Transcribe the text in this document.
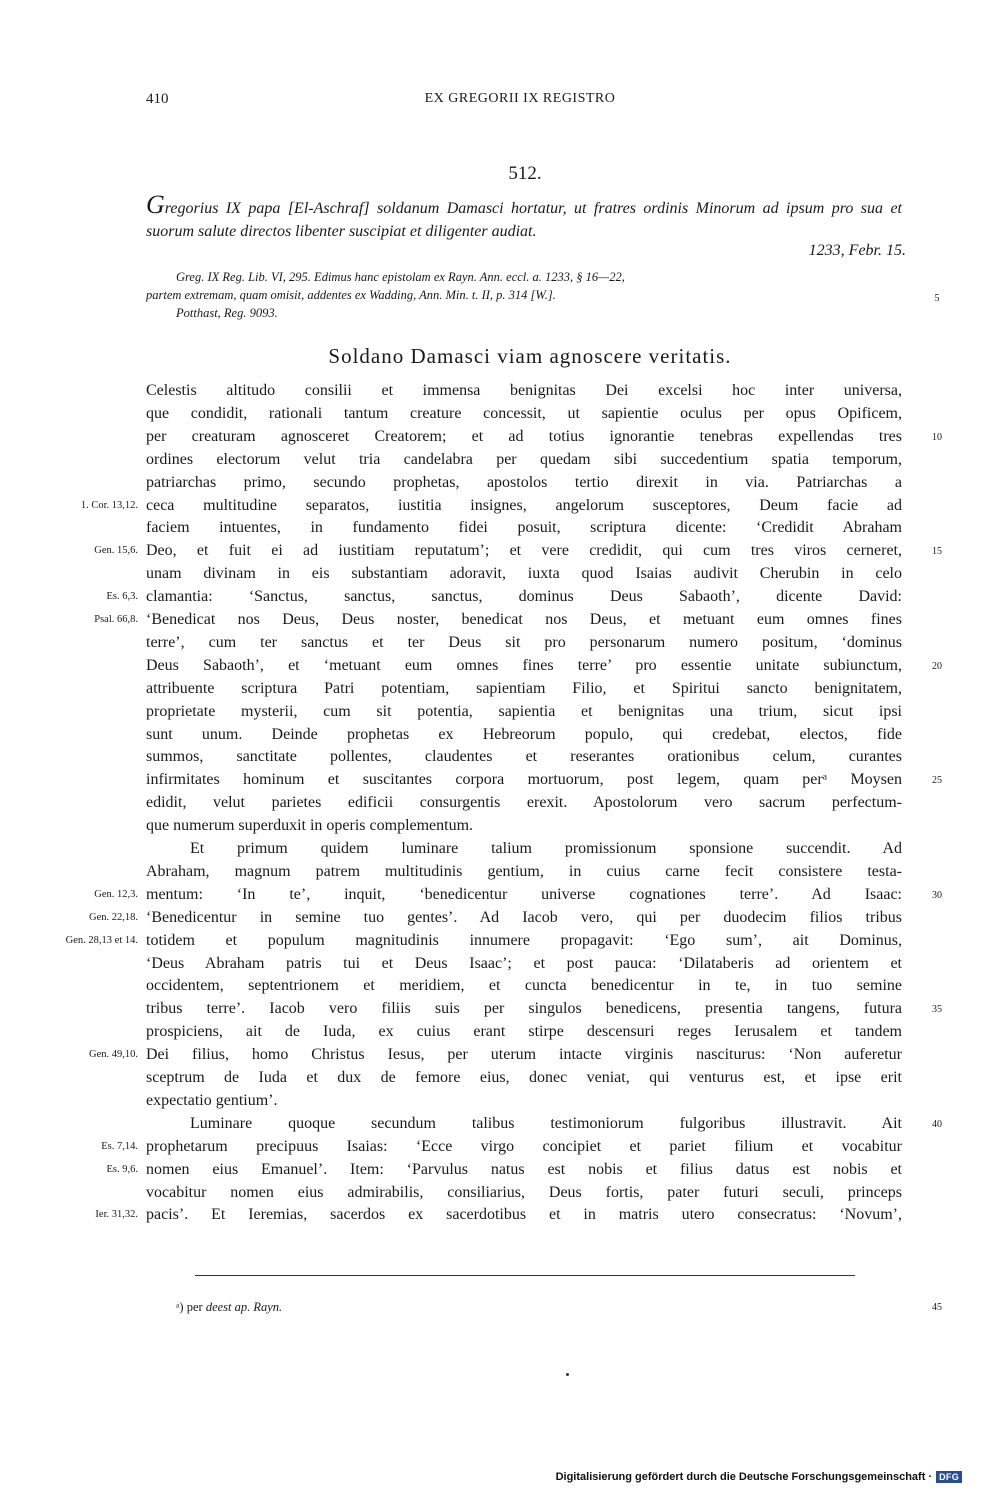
410	EX GREGORII IX REGISTRO
512.
Gregorius IX papa [El-Aschraf] soldanum Damasci hortatur, ut fratres ordinis Minorum ad ipsum pro sua et suorum salute directos libenter suscipiat et diligenter audiat.
1233, Febr. 15.
Greg. IX Reg. Lib. VI, 295. Edimus hanc epistolam ex Rayn. Ann. eccl. a. 1233, § 16—22,
partem extremam, quam omisit, addentes ex Wadding, Ann. Min. t. II, p. 314 [W.].
Potthast, Reg. 9093.
5
Soldano Damasci viam agnoscere veritatis.
Celestis altitudo consilii et immensa benignitas Dei excelsi hoc inter universa,
que condidit, rationali tantum creature concessit, ut sapientie oculus per opus Opificem,
per creaturam agnosceret Creatorem; et ad totius ignorantie tenebras expellendas tres	10
ordines electorum velut tria candelabra per quedam sibi succedentium spatia temporum,
patriarchas primo, secundo prophetas, apostolos tertio direxit in via. Patriarchas a
ceca multitudine separatos, iustitia insignes, angelorum susceptores, Deum facie ad
1. Cor. 13,12.
faciem intuentes, in fundamento fidei posuit, scriptura dicente: ‘Credidit Abraham
Deo, et fuit ei ad iustitiam reputatum’; et vere credidit, qui cum tres viros cerneret,
Gen. 15,6.	15
unam divinam in eis substantiam adoravit, iuxta quod Isaias audivit Cherubin in celo
clamantia: ‘Sanctus, sanctus, sanctus, dominus Deus Sabaoth’, dicente David:
Es. 6,3.
‘Benedicat nos Deus, Deus noster, benedicat nos Deus, et metuant eum omnes fines
Psal. 66,8.
terre’, cum ter sanctus et ter Deus sit pro personarum numero positum, ‘dominus
Deus Sabaoth’, et ‘metuant eum omnes fines terre’ pro essentie unitate subiunctum,	20
attribuente scriptura Patri potentiam, sapientiam Filio, et Spiritui sancto benignitatem,
proprietate mysterii, cum sit potentia, sapientia et benignitas una trium, sicut ipsi
sunt unum. Deinde prophetas ex Hebreorum populo, qui credebat, electos, fide
summos, sanctitate pollentes, claudentes et reserantes orationibus celum, curantes
infirmitates hominum et suscitantes corpora mortuorum, post legem, quam perᵃ Moysen	25
edidit, velut parietes edificii consurgentis erexit. Apostolorum vero sacrum perfectum-
que numerum superduxit in operis complementum.
Et primum quidem luminare talium promissionum sponsione succendit. Ad
Abraham, magnum patrem multitudinis gentium, in cuius carne fecit consistere testa-
mentum: ‘In te’, inquit, ‘benedicentur universe cognationes terre’. Ad Isaac:
Gen. 12,3.	30
‘Benedicentur in semine tuo gentes’. Ad Iacob vero, qui per duodecim filios tribus
Gen. 22,18.
totidem et populum magnitudinis innumere propagavit: ‘Ego sum’, ait Dominus,
Gen. 28,13 et 14.
‘Deus Abraham patris tui et Deus Isaac’; et post pauca: ‘Dilataberis ad orientem et
occidentem, septentrionem et meridiem, et cuncta benedicentur in te, in tuo semine
tribus terre’. Iacob vero filiis suis per singulos benedicens, presentia tangens, futura	35
prospiciens, ait de Iuda, ex cuius erant stirpe descensuri reges Ierusalem et tandem
Dei filius, homo Christus Iesus, per uterum intacte virginis nasciturus: ‘Non auferetur
Gen. 49,10.
sceptrum de Iuda et dux de femore eius, donec veniat, qui venturus est, et ipse erit
expectatio gentium’.
Luminare quoque secundum talibus testimoniorum fulgoribus illustravit. Ait	40
prophetarum precipuus Isaias: ‘Ecce virgo concipiet et pariet filium et vocabitur
Es. 7,14.
nomen eius Emanuel’. Item: ‘Parvulus natus est nobis et filius datus est nobis et
Es. 9,6.
vocabitur nomen eius admirabilis, consiliarius, Deus fortis, pater futuri seculi, princeps
pacis’. Et Ieremias, sacerdos ex sacerdotibus et in matris utero consecratus: ‘Novum’,
Ier. 31,32.
ᵃ) per deest ap. Rayn.	45
Digitalisierung gefördert durch die Deutsche Forschungsgemeinschaft · DFG
